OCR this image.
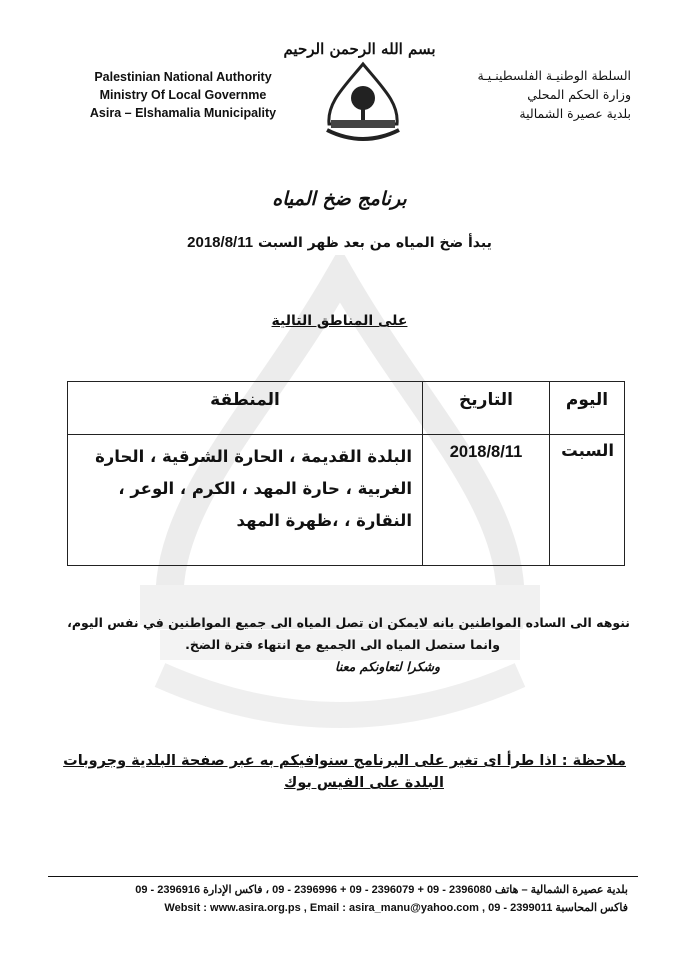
بسم الله الرحمن الرحيم
Palestinian National Authority
Ministry Of Local Governme
Asira – Elshamalia Municipality
السلطة الوطنيـة الفلسطينـيـة
وزارة الحكم المحلي
بلدية عصيرة الشمالية
برنامج ضخ المياه
يبدأ ضخ المياه من بعد ظهر السبت 2018/8/11
على المناطق التالية
اليوم	التاريخ	المنطقة
السبت	2018/8/11	البلدة القديمة ، الحارة الشرقية ، الحارة
الغربية ، حارة المهد ، الكرم ، الوعر ،
النقارة ، ،ظهرة المهد
ننوهه الى الساده المواطنين بانه لايمكن ان تصل المياه الى جميع المواطنين في نفس اليوم،
وانما ستصل المياه الى الجميع مع انتهاء فترة الضخ.
وشكرا لتعاونكم معنا
ملاحظة : اذا طرأ اى تغير على البرنامج سنوافيكم به عبر صفحة البلدية وجروبات
البلدة على الفيس بوك
بلدية عصيرة الشمالية – هاتف 2396080 - 09 + 2396079 - 09 + 2396996 - 09 ، فاكس الإدارة 2396916 - 09
فاكس المحاسبة 2399011 - 09 , Websit : www.asira.org.ps , Email : asira_manu@yahoo.com
